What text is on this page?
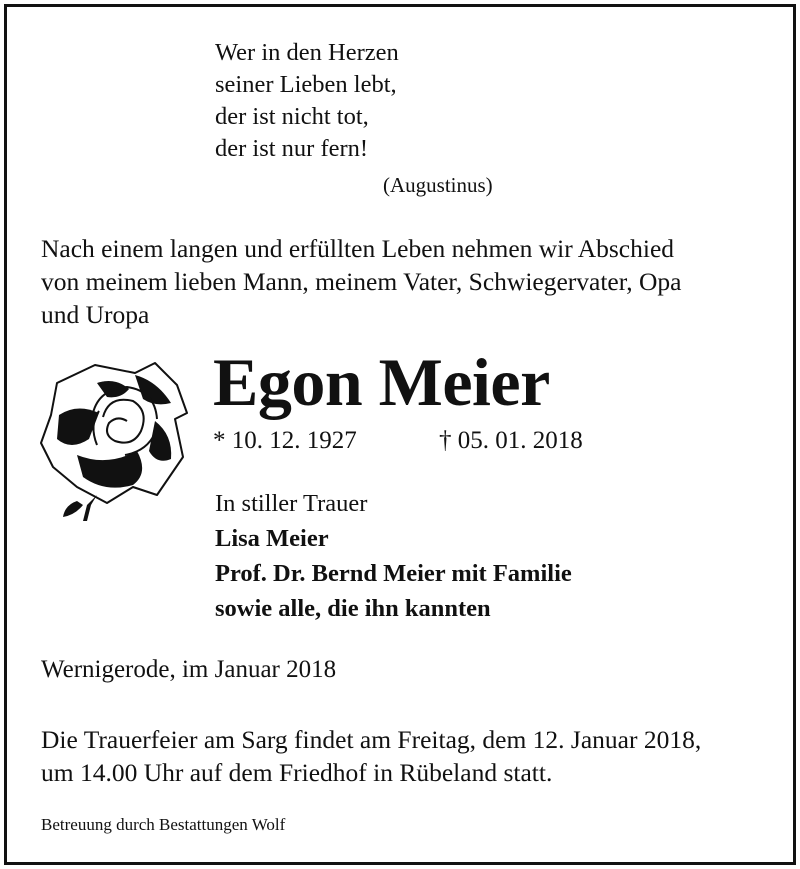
Wer in den Herzen
seiner Lieben lebt,
der ist nicht tot,
der ist nur fern!
(Augustinus)
Nach einem langen und erfüllten Leben nehmen wir Abschied
von meinem lieben Mann, meinem Vater, Schwiegervater, Opa
und Uropa
Egon Meier
* 10. 12. 1927	† 05. 01. 2018
In stiller Trauer
Lisa Meier
Prof. Dr. Bernd Meier mit Familie
sowie alle, die ihn kannten
Wernigerode, im Januar 2018
Die Trauerfeier am Sarg findet am Freitag, dem 12. Januar 2018,
um 14.00 Uhr auf dem Friedhof in Rübeland statt.
Betreuung durch Bestattungen Wolf
